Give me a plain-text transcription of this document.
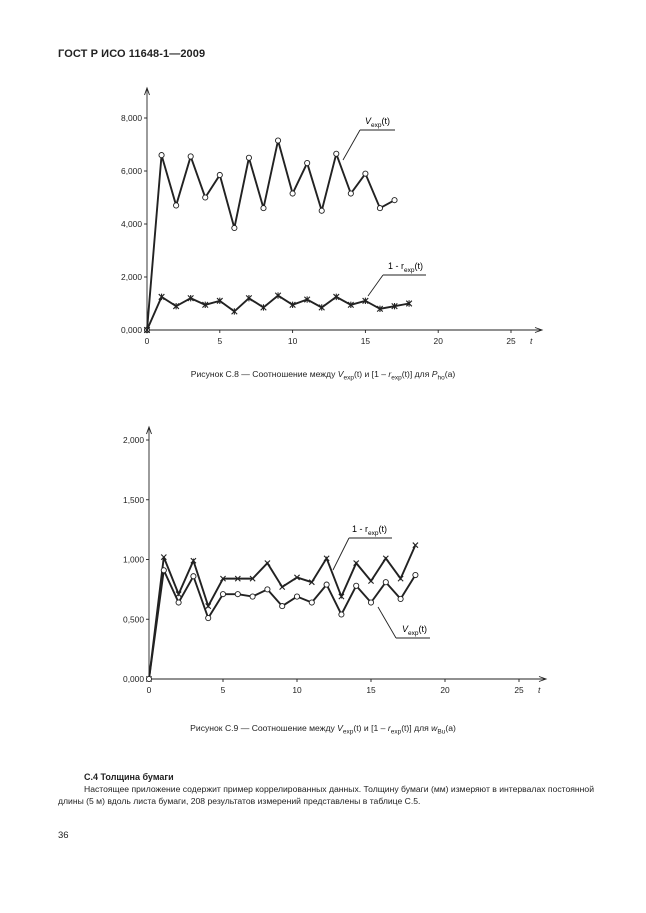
ГОСТ Р ИСО 11648-1—2009
0,000
2,000
4,000
6,000
8,000
0	5	10	15	20	25 t
$V_{exp}(t)$
$1 - r_{exp}(t)$
Рисунок С.8 — Соотношение между $V_{exp}(t)$ и $[1 - r_{exp}(t)]$ для $P_{ho}(a)$
0,000
0,500
1,000
1,500
2,000
0	5	10	15	20	25 t
$1 - r_{exp}(t)$
$V_{exp}(t)$
Рисунок С.9 — Соотношение между $V_{exp}(t)$ и $[1 - r_{exp}(t)]$ для $w_{Bu}(a)$
С.4 Толщина бумаги
Настоящее приложение содержит пример коррелированных данных. Толщину бумаги (мм) измеряют в интервалах постоянной длины (5 м) вдоль листа бумаги, 208 результатов измерений представлены в таблице С.5.
36
